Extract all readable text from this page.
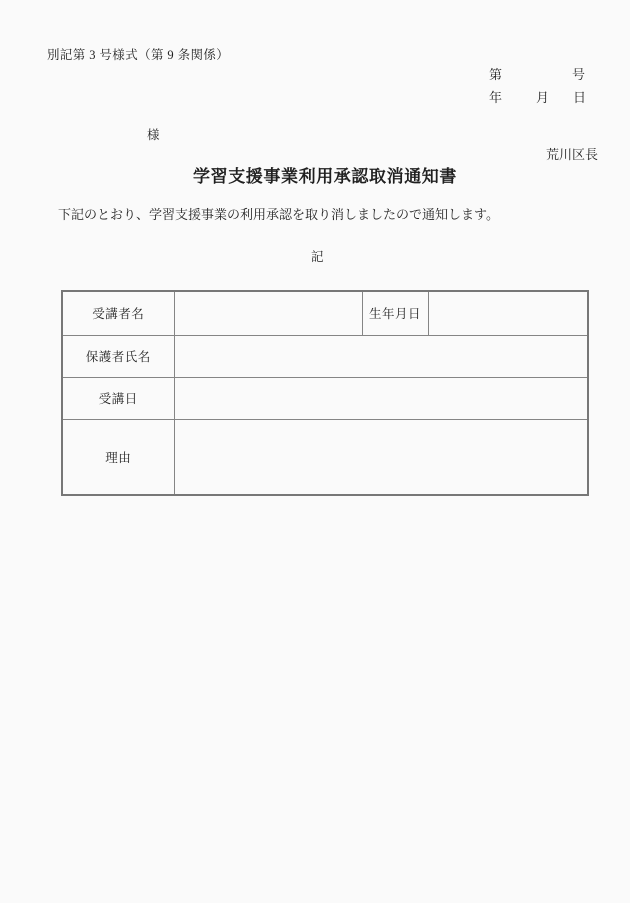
別記第 3 号様式（第 9 条関係）
第	号
年	月 日
様
荒川区長
学習支援事業利用承認取消通知書
下記のとおり、学習支援事業の利用承認を取り消しましたので通知します。
記
受講者名		生年月日	
保護者氏名			
受講日			
理由			
